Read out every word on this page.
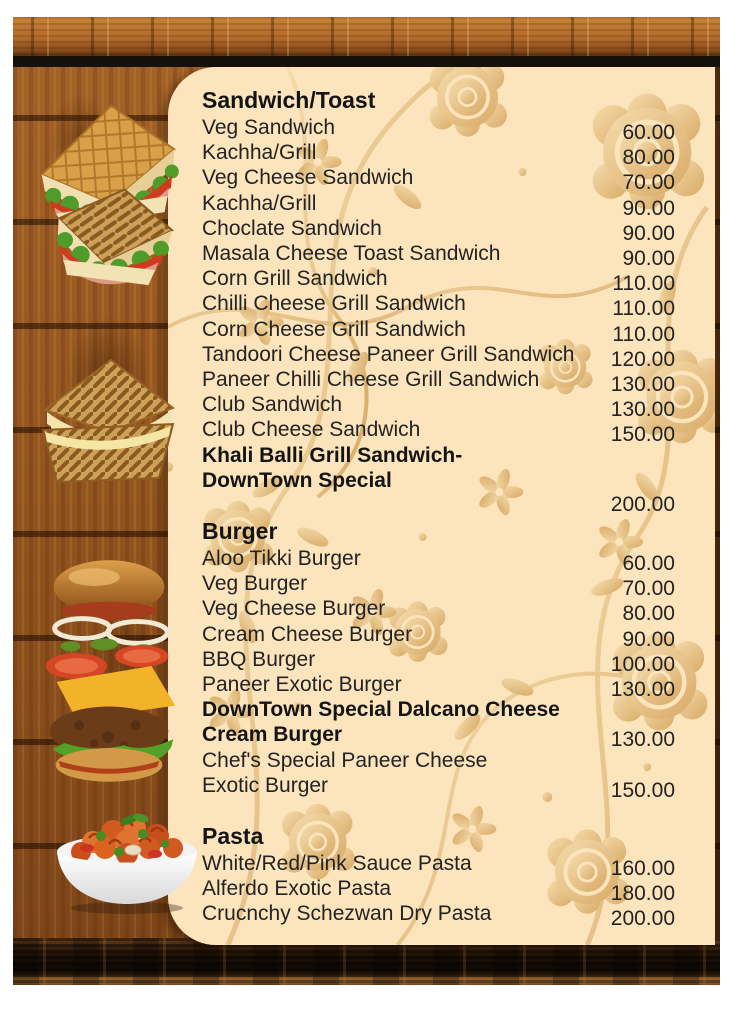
Sandwich/Toast
Veg Sandwich	60.00
Kachha/Grill	80.00
Veg Cheese Sandwich	70.00
Kachha/Grill	90.00
Choclate Sandwich	90.00
Masala Cheese Toast Sandwich	90.00
Corn Grill Sandwich	110.00
Chilli Cheese Grill Sandwich	110.00
Corn Cheese Grill Sandwich	110.00
Tandoori Cheese Paneer Grill Sandwich 120.00
Paneer Chilli Cheese Grill Sandwich	130.00
Club Sandwich	130.00
Club Cheese Sandwich	150.00
Khali Balli Grill Sandwich-
DownTown Special
200.00
Burger
Aloo Tikki Burger	60.00
Veg Burger	70.00
Veg Cheese Burger	80.00
Cream Cheese Burger	90.00
BBQ Burger	100.00
Paneer Exotic Burger	130.00
DownTown Special Dalcano Cheese
Cream Burger	130.00
Chef's Special Paneer Cheese
Exotic Burger	150.00
Pasta
White/Red/Pink Sauce Pasta	160.00
Alferdo Exotic Pasta	180.00
Crucnchy Schezwan Dry Pasta	200.00
